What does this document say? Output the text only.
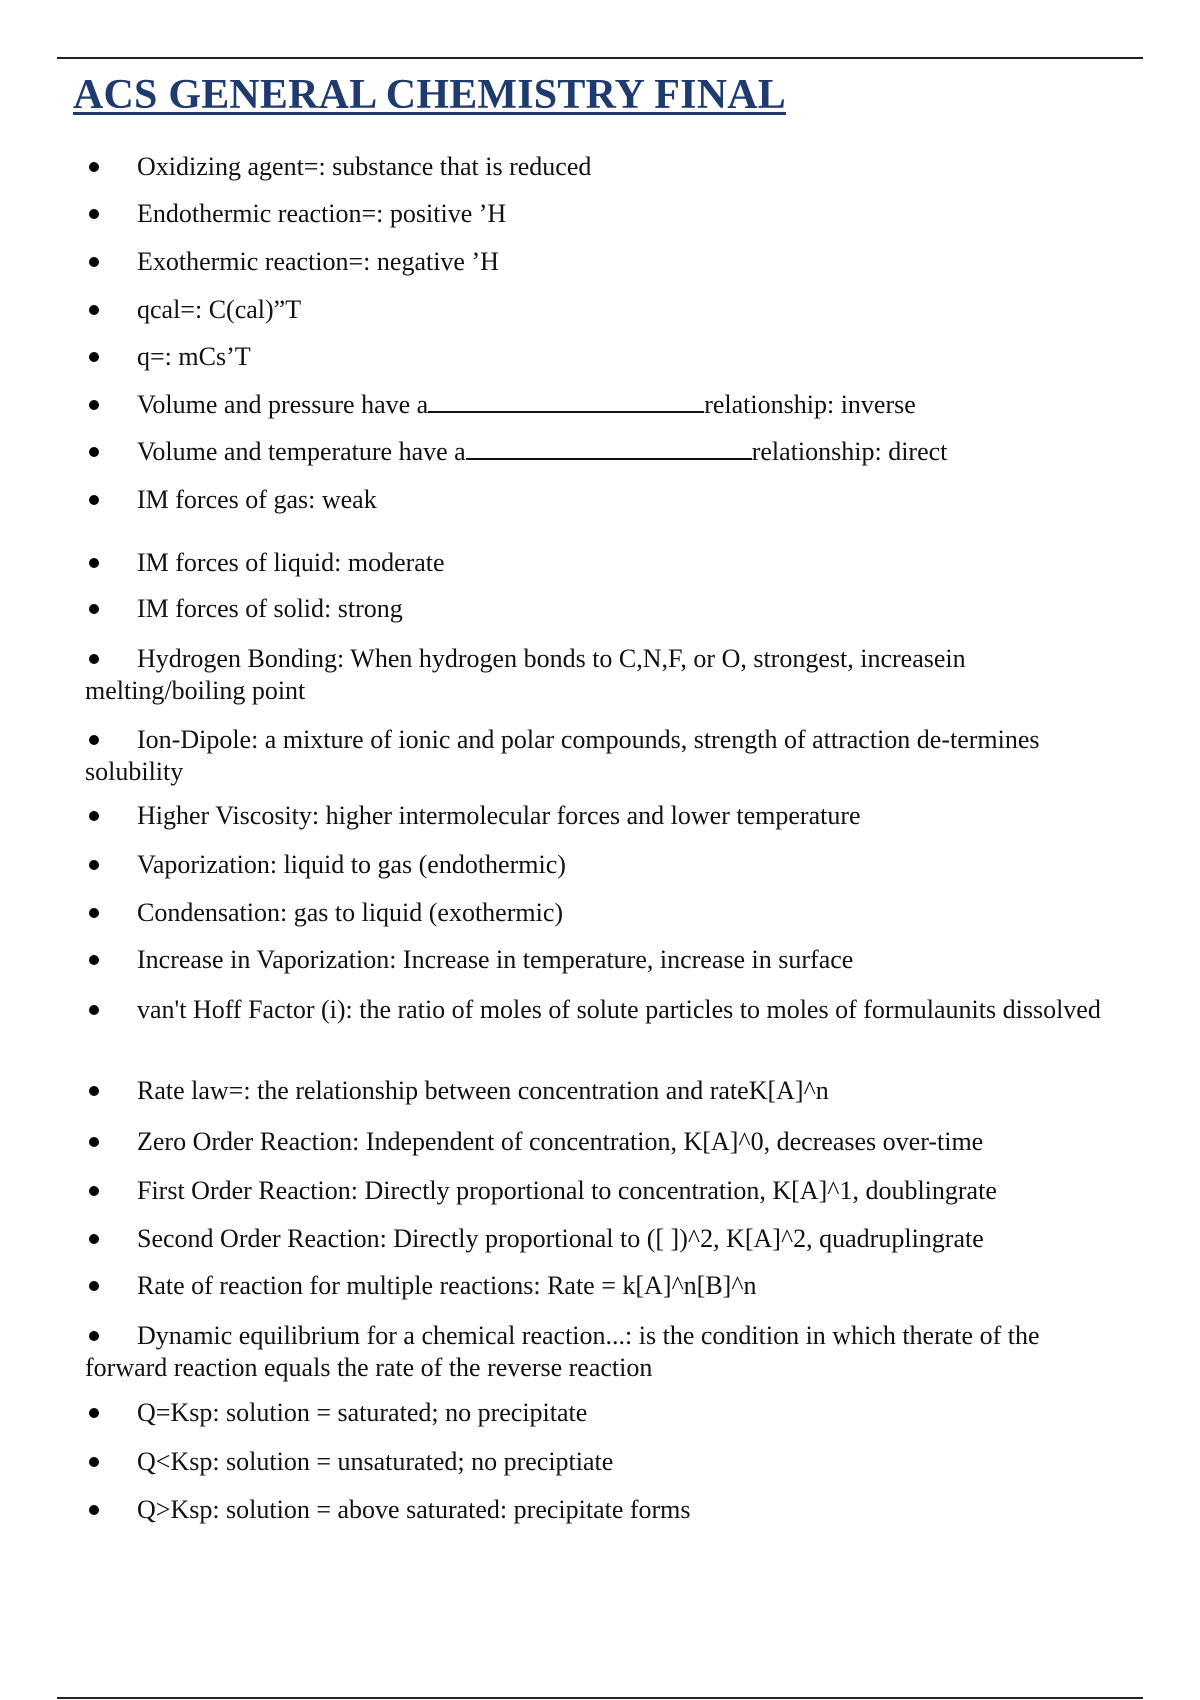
ACS GENERAL CHEMISTRY FINAL
Oxidizing agent=: substance that is reduced
Endothermic reaction=: positive ’H
Exothermic reaction=: negative ’H
qcal=: C(cal)”T
q=: mCs’T
Volume and pressure have a	relationship: inverse
Volume and temperature have a	relationship: direct
IM forces of gas: weak
IM forces of liquid: moderate
IM forces of solid: strong
Hydrogen Bonding: When hydrogen bonds to C,N,F, or O, strongest, increasein melting/boiling point
Ion-Dipole: a mixture of ionic and polar compounds, strength of attraction de-termines solubility
Higher Viscosity: higher intermolecular forces and lower temperature
Vaporization: liquid to gas (endothermic)
Condensation: gas to liquid (exothermic)
Increase in Vaporization: Increase in temperature, increase in surface
van't Hoff Factor (i): the ratio of moles of solute particles to moles of formulaunits dissolved
Rate law=: the relationship between concentration and rateK[A]^n
Zero Order Reaction: Independent of concentration, K[A]^0, decreases over-time
First Order Reaction: Directly proportional to concentration, K[A]^1, doublingrate
Second Order Reaction: Directly proportional to ([ ])^2, K[A]^2, quadruplingrate
Rate of reaction for multiple reactions: Rate = k[A]^n[B]^n
Dynamic equilibrium for a chemical reaction...: is the condition in which therate of the forward reaction equals the rate of the reverse reaction
Q=Ksp: solution = saturated; no precipitate
Q<Ksp: solution = unsaturated; no preciptiate
Q>Ksp: solution = above saturated: precipitate forms
